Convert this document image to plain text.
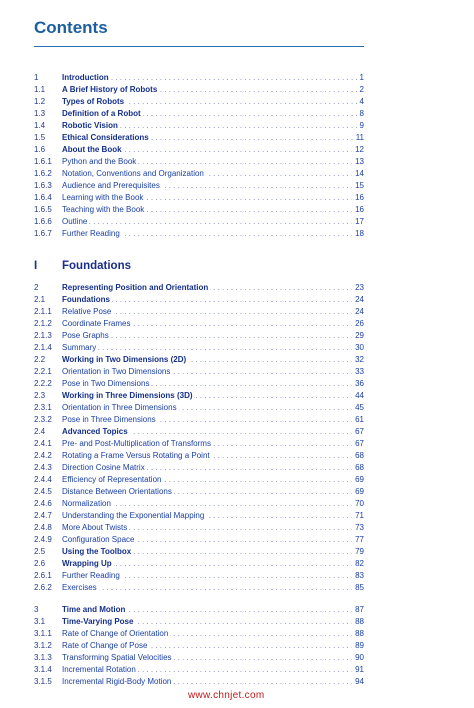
Contents
1	Introduction . . .	1
1.1	A Brief History of Robots . . .	2
1.2	Types of Robots . . .	4
1.3	Definition of a Robot . . .	8
1.4	Robotic Vision . . .	9
1.5	Ethical Considerations . . .	11
1.6	About the Book . . .	12
1.6.1	Python and the Book . . .	13
1.6.2	Notation, Conventions and Organization . . .	14
1.6.3	Audience and Prerequisites . . .	15
1.6.4	Learning with the Book . . .	16
1.6.5	Teaching with the Book . . .	16
1.6.6	Outline . . .	17
1.6.7	Further Reading . . .	18
I Foundations
2	Representing Position and Orientation . . .	23
2.1	Foundations . . .	24
2.1.1	Relative Pose . . .	24
2.1.2	Coordinate Frames . . .	26
2.1.3	Pose Graphs . . .	29
2.1.4	Summary . . .	30
2.2	Working in Two Dimensions (2D) . . .	32
2.2.1	Orientation in Two Dimensions . . .	33
2.2.2	Pose in Two Dimensions . . .	36
2.3	Working in Three Dimensions (3D) . . .	44
2.3.1	Orientation in Three Dimensions . . .	45
2.3.2	Pose in Three Dimensions . . .	61
2.4	Advanced Topics . . .	67
2.4.1	Pre- and Post-Multiplication of Transforms . . .	67
2.4.2	Rotating a Frame Versus Rotating a Point . . .	68
2.4.3	Direction Cosine Matrix . . .	68
2.4.4	Efficiency of Representation . . .	69
2.4.5	Distance Between Orientations . . .	69
2.4.6	Normalization . . .	70
2.4.7	Understanding the Exponential Mapping . . .	71
2.4.8	More About Twists . . .	73
2.4.9	Configuration Space . . .	77
2.5	Using the Toolbox . . .	79
2.6	Wrapping Up . . .	82
2.6.1	Further Reading . . .	83
2.6.2	Exercises . . .	85
3	Time and Motion . . .	87
3.1	Time-Varying Pose . . .	88
3.1.1	Rate of Change of Orientation . . .	88
3.1.2	Rate of Change of Pose . . .	89
3.1.3	Transforming Spatial Velocities . . .	90
3.1.4	Incremental Rotation . . .	91
3.1.5	Incremental Rigid-Body Motion . . .	94
www.chnjet.com
